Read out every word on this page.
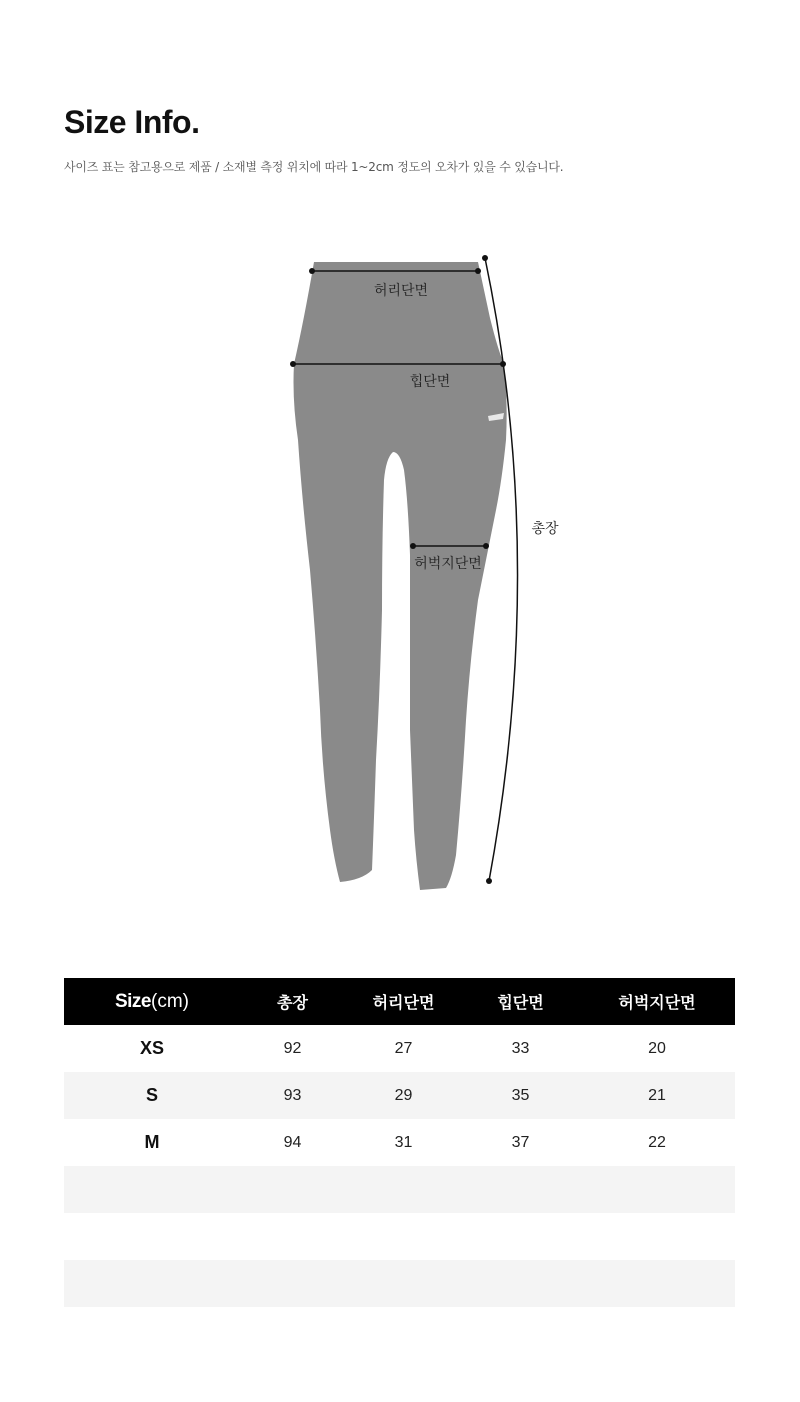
Size Info.

사이즈 표는 참고용으로 제품 / 소재별 측정 위치에 따라 1~2cm 정도의 오차가 있을 수 있습니다.

허리단면
힙단면
허벅지단면
총장
Size(cm)	총장	허리단면	힙단면	허벅지단면
XS	92	27	33	20
S	93	29	35	21
M	94	31	37	22
